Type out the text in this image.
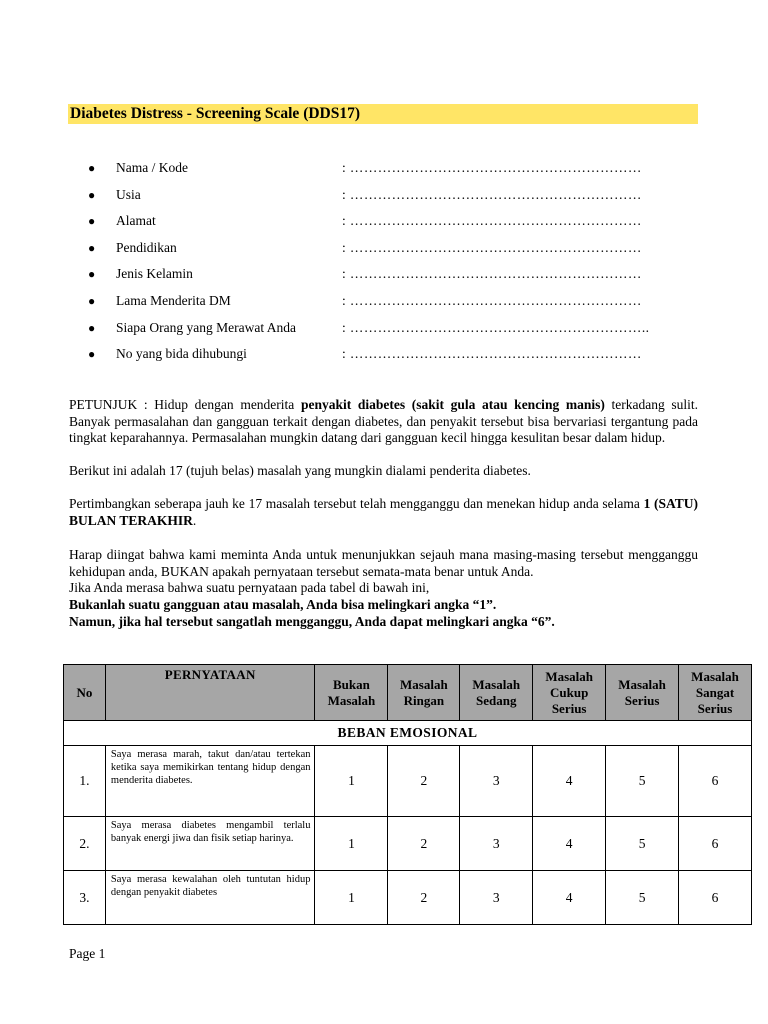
Diabetes Distress - Screening Scale (DDS17)
● Nama / Kode	: ………………………………………………………
● Usia	: ………………………………………………………
● Alamat	: ………………………………………………………
● Pendidikan	: ………………………………………………………
● Jenis Kelamin	: ………………………………………………………
● Lama Menderita DM	: ………………………………………………………
● Siapa Orang yang Merawat Anda	: ………………………………………………………..
● No yang bida dihubungi	: ………………………………………………………

PETUNJUK : Hidup dengan menderita penyakit diabetes (sakit gula atau kencing manis) terkadang sulit. Banyak permasalahan dan gangguan terkait dengan diabetes, dan penyakit tersebut bisa bervariasi tergantung pada tingkat keparahannya. Permasalahan mungkin datang dari gangguan kecil hingga kesulitan besar dalam hidup.

Berikut ini adalah 17 (tujuh belas) masalah yang mungkin dialami penderita diabetes.

Pertimbangkan seberapa jauh ke 17 masalah tersebut telah mengganggu dan menekan hidup anda selama 1 (SATU) BULAN TERAKHIR.

Harap diingat bahwa kami meminta Anda untuk menunjukkan sejauh mana masing-masing tersebut mengganggu kehidupan anda, BUKAN apakah pernyataan tersebut semata-mata benar untuk Anda.

Jika Anda merasa bahwa suatu pernyataan pada tabel di bawah ini,

Bukanlah suatu gangguan atau masalah, Anda bisa melingkari angka “1”.

Namun, jika hal tersebut sangatlah mengganggu, Anda dapat melingkari angka “6”.

No	PERNYATAAN	Bukan Masalah	Masalah Ringan	Masalah Sedang	Masalah Cukup Serius	Masalah Serius	Masalah Sangat Serius
BEBAN EMOSIONAL							
1.	Saya merasa marah, takut dan/atau tertekan ketika saya memikirkan tentang hidup dengan menderita diabetes.	1	2	3	4	5	6
2.	Saya merasa diabetes mengambil terlalu banyak energi jiwa dan fisik setiap harinya.	1	2	3	4	5	6
3.	Saya merasa kewalahan oleh tuntutan hidup dengan penyakit diabetes	1	2	3	4	5	6
Page 1
